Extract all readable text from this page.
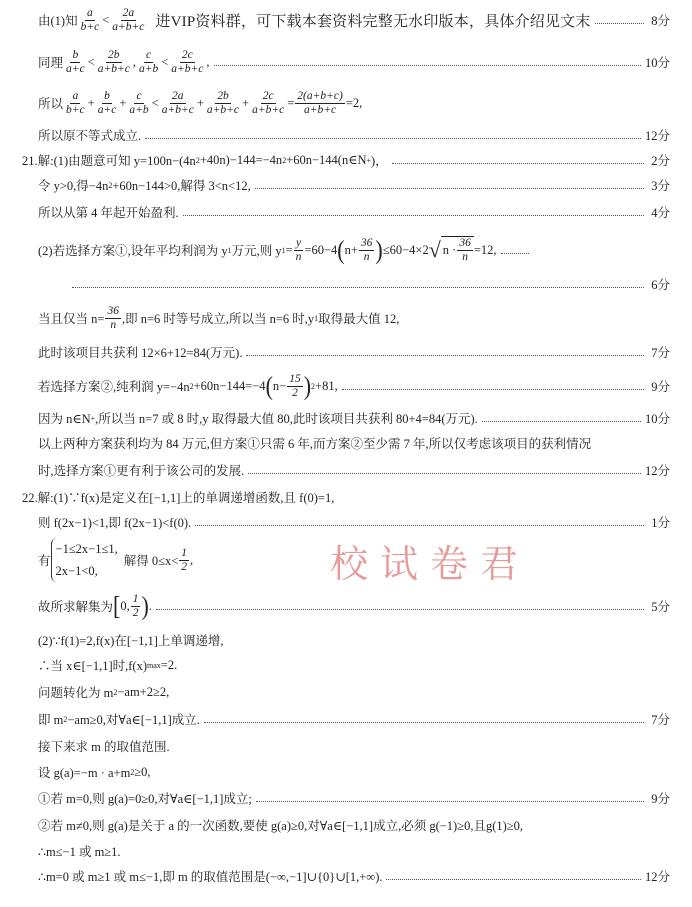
由(1)知 $\frac{a}{b+c} < \frac{2a}{a+b+c}$ 进VIP资料群，可下载本套资料完整无水印版本，具体介绍见文末	8分
同理 $\frac{b}{a+c} < \frac{2b}{a+b+c}$ , $\frac{c}{a+b} < \frac{2c}{a+b+c}$ ,	10分
所以 $\frac{a}{b+c} + \frac{b}{a+c} + \frac{c}{a+b} < \frac{2a}{a+b+c} + \frac{2b}{a+b+c} + \frac{2c}{a+b+c} = \frac{2(a+b+c)}{a+b+c} =2$,
所以原不等式成立.	12分
21.解:(1)由题意可知 y=100n−(4n 2 +40n)−144=−4n 2 +60n−144(n∈N + )，	2分
令 y>0,得−4n 2 +60n−144>0,解得 3<n<12,	3分
所以从第 4 年起开始盈利.	4分
(2)若选择方案①,设年平均利润为 y 1 万元,则 y $1 = \frac{y}{n} =60-4$ ( $n+ \frac{36}{n}$ ) ≤60−4×2 √ $n \cdot \frac{36}{n} =12$,
6分
当且仅当 $n= \frac{36}{n}$ ,即 n=6 时等号成立,所以当 n=6 时,y 1 取得最大值 12,
此时该项目共获利 12×6+12=84(万元).	7分
若选择方案②,纯利润 y=−4n 2 +60n−144=−4 ( $n- \frac{15}{2}$ ) 2 +81,	9分
因为 n∈N + ,所以当 n=7 或 8 时,y 取得最大值 80,此时该项目共获利 80+4=84(万元).	10分
以上两种方案获利均为 84 万元,但方案①只需 6 年,而方案②至少需 7 年,所以仅考虑该项目的获利情况
时,选择方案①更有利于该公司的发展.	12分
22.解:(1)∵f(x)是定义在[−1,1]上的单调递增函数,且 f(0)=1,
则 f(2x−1)<1,即 f(2x−1)<f(0).	1分
有
−1≤2x−1≤1,
2x−1<0,
解得 $0\le x< \frac{1}{2}$ ,
故所求解集为 [ 0, $\frac{1}{2}$ ) .	5分
(2)∵f(1)=2,f(x)在[−1,1]上单调递增,
∴当 x∈[−1,1]时,f(x) max =2.
问题转化为 m 2 −am+2≥2,
即 m 2 −am≥0,对∀a∈[−1,1]成立.	7分
接下来求 m 的取值范围.
设 g(a)=−m · a+m 2 ≥0,
①若 m=0,则 g(a)=0≥0,对∀a∈[−1,1]成立;	9分
②若 m≠0,则 g(a)是关于 a 的一次函数,要使 g(a)≥0,对∀a∈[−1,1]成立,必须 g(−1)≥0,且g(1)≥0,
∴m≤−1 或 m≥1.
∴m=0 或 m≥1 或 m≤−1,即 m 的取值范围是(−∞,−1]∪{0}∪[1,+∞).	12分
校试卷君
